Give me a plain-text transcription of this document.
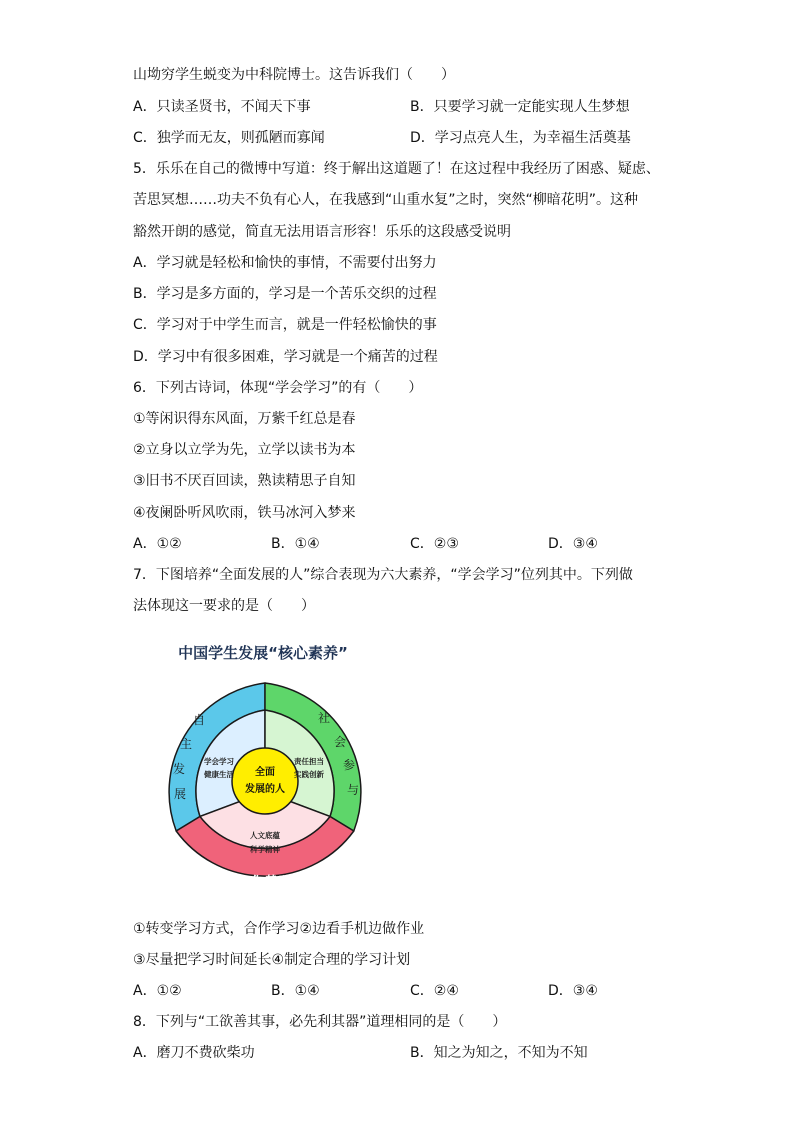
山坳穷学生蜕变为中科院博士。这告诉我们（　　）
A．只读圣贤书，不闻天下事	B．只要学习就一定能实现人生梦想
C．独学而无友，则孤陋而寡闻	D．学习点亮人生，为幸福生活奠基
5．乐乐在自己的微博中写道：终于解出这道题了！在这过程中我经历了困惑、疑虑、
苦思冥想……功夫不负有心人，在我感到“山重水复”之时，突然“柳暗花明”。这种
豁然开朗的感觉，简直无法用语言形容！乐乐的这段感受说明
A．学习就是轻松和愉快的事情，不需要付出努力
B．学习是多方面的，学习是一个苦乐交织的过程
C．学习对于中学生而言，就是一件轻松愉快的事
D．学习中有很多困难，学习就是一个痛苦的过程
6．下列古诗词，体现“学会学习”的有（　　）
①等闲识得东风面，万紫千红总是春
②立身以立学为先，立学以读书为本
③旧书不厌百回读，熟读精思子自知
④夜阑卧听风吹雨，铁马冰河入梦来
A．①②	B．①④	C．②③	D．③④
7．下图培养“全面发展的人”综合表现为六大素养，“学会学习”位列其中。下列做
法体现这一要求的是（　　）
中国学生发展“核心素养”
全面
发展的人
学会学习
健康生活
责任担当
实践创新
人文底蕴
科学精神
自
主
发
展
社
会
参
与
文化基础
①转变学习方式，合作学习②边看手机边做作业
③尽量把学习时间延长④制定合理的学习计划
A．①②	B．①④	C．②④	D．③④
8．下列与“工欲善其事，必先利其器”道理相同的是（　　）
A．磨刀不费砍柴功	B．知之为知之，不知为不知
